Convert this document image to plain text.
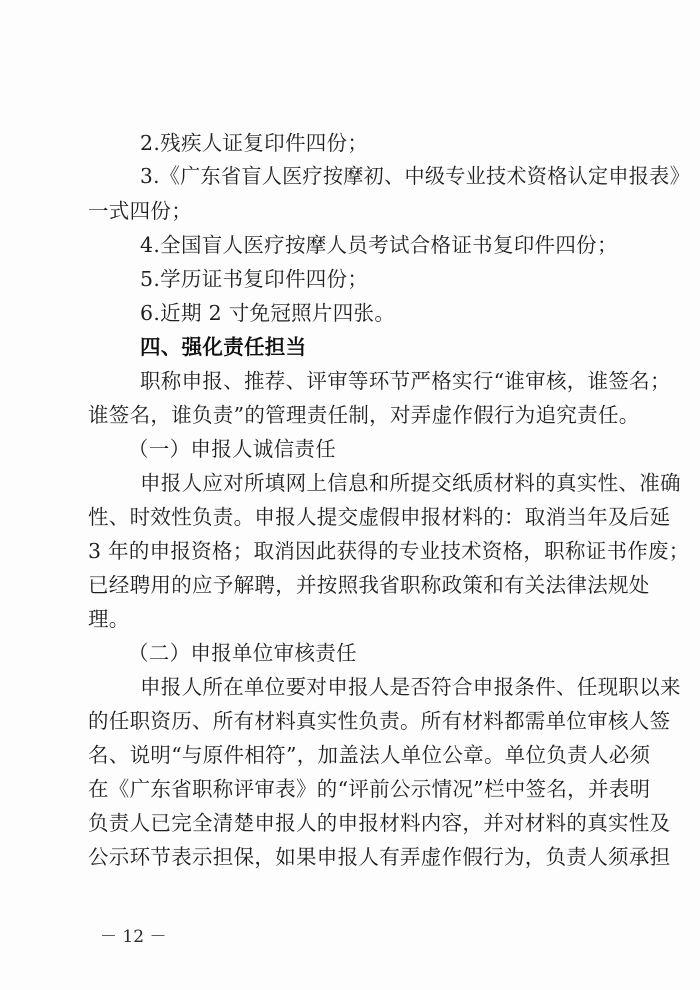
2.残疾人证复印件四份；
3.《广东省盲人医疗按摩初、中级专业技术资格认定申报表》
一式四份；
4.全国盲人医疗按摩人员考试合格证书复印件四份；
5.学历证书复印件四份；
6.近期 2 寸免冠照片四张。
四、强化责任担当
职称申报、推荐、评审等环节严格实行“谁审核，谁签名；
谁签名，谁负责”的管理责任制，对弄虚作假行为追究责任。
（一）申报人诚信责任
申报人应对所填网上信息和所提交纸质材料的真实性、准确
性、时效性负责。申报人提交虚假申报材料的：取消当年及后延
3 年的申报资格；取消因此获得的专业技术资格，职称证书作废；
已经聘用的应予解聘，并按照我省职称政策和有关法律法规处
理。
（二）申报单位审核责任
申报人所在单位要对申报人是否符合申报条件、任现职以来
的任职资历、所有材料真实性负责。所有材料都需单位审核人签
名、说明“与原件相符”，加盖法人单位公章。单位负责人必须
在《广东省职称评审表》的“评前公示情况”栏中签名，并表明
负责人已完全清楚申报人的申报材料内容，并对材料的真实性及
公示环节表示担保，如果申报人有弄虚作假行为，负责人须承担
－ 12 －
